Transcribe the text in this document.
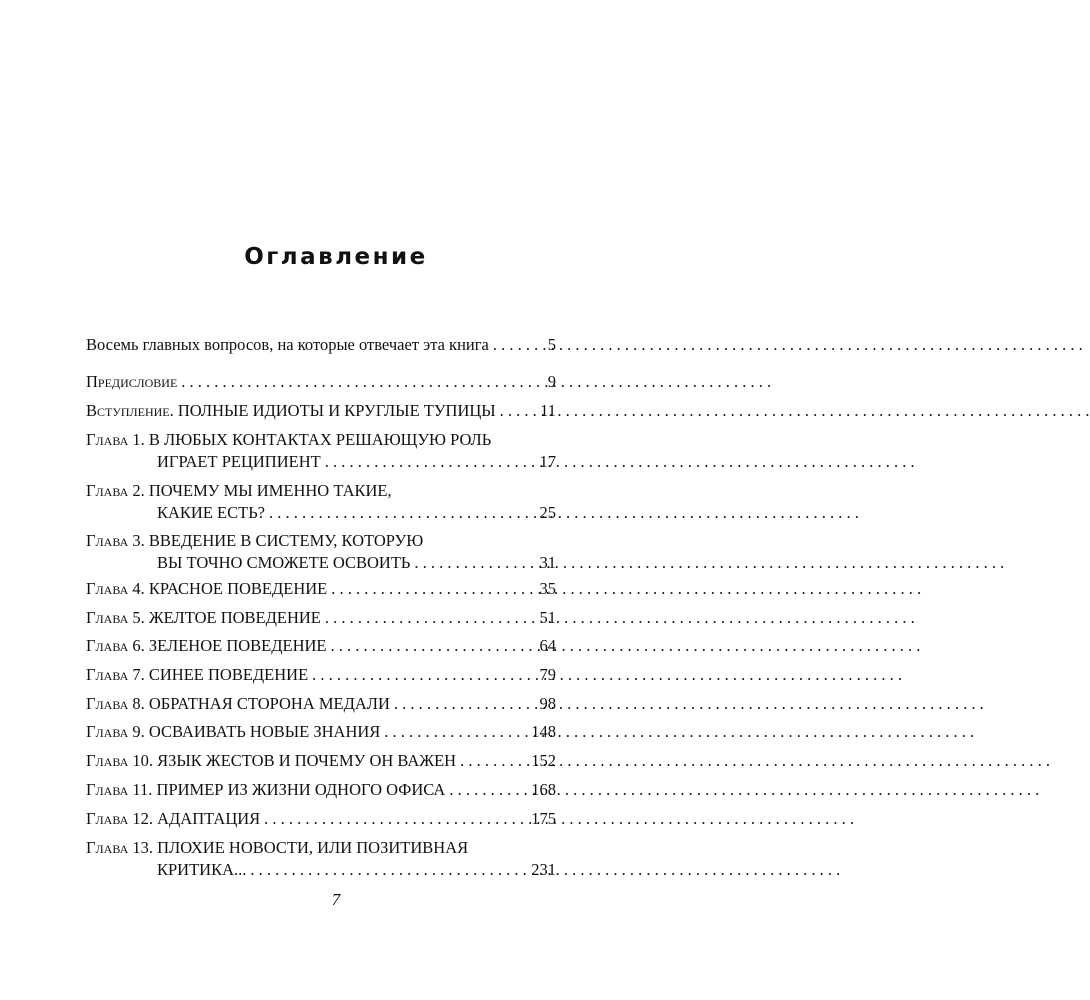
Оглавление
Восемь главных вопросов, на которые отвечает эта книга . . .	5
Предисловие . . .	9
Вступление. ПОЛНЫЕ ИДИОТЫ И КРУГЛЫЕ ТУПИЦЫ . . .	11
Глава 1. В ЛЮБЫХ КОНТАКТАХ РЕШАЮЩУЮ РОЛЬ
ИГРАЕТ РЕЦИПИЕНТ . . .	17
Глава 2. ПОЧЕМУ МЫ ИМЕННО ТАКИЕ,
КАКИЕ ЕСТЬ? . . .	25
Глава 3. ВВЕДЕНИЕ В СИСТЕМУ, КОТОРУЮ
ВЫ ТОЧНО СМОЖЕТЕ ОСВОИТЬ . . .	31
Глава 4. КРАСНОЕ ПОВЕДЕНИЕ . . .	35
Глава 5. ЖЕЛТОЕ ПОВЕДЕНИЕ . . .	51
Глава 6. ЗЕЛЕНОЕ ПОВЕДЕНИЕ . . .	64
Глава 7. СИНЕЕ ПОВЕДЕНИЕ . . .	79
Глава 8. ОБРАТНАЯ СТОРОНА МЕДАЛИ . . .	98
Глава 9. ОСВАИВАТЬ НОВЫЕ ЗНАНИЯ . . .	148
Глава 10. ЯЗЫК ЖЕСТОВ И ПОЧЕМУ ОН ВАЖЕН . . .	152
Глава 11. ПРИМЕР ИЗ ЖИЗНИ ОДНОГО ОФИСА . . .	168
Глава 12. АДАПТАЦИЯ . . .	175
Глава 13. ПЛОХИЕ НОВОСТИ, ИЛИ ПОЗИТИВНАЯ
КРИТИКА... . . .	231
7
